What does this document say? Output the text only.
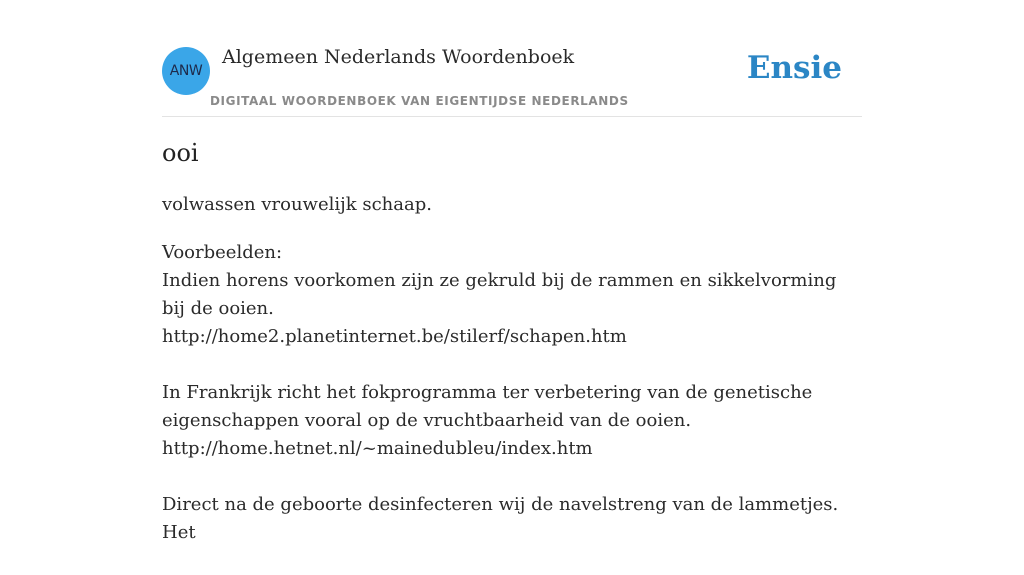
ANW
Algemeen Nederlands Woordenboek
DIGITAAL WOORDENBOEK VAN EIGENTIJDSE NEDERLANDS
Ensie
ooi
volwassen vrouwelijk schaap.
Voorbeelden:
Indien horens voorkomen zijn ze gekruld bij de rammen en sikkelvorming bij de ooien.
http://home2.planetinternet.be/stilerf/schapen.htm
In Frankrijk richt het fokprogramma ter verbetering van de genetische eigenschappen vooral op de vruchtbaarheid van de ooien.
http://home.hetnet.nl/~mainedubleu/index.htm
Direct na de geboorte desinfecteren wij de navelstreng van de lammetjes. Het
